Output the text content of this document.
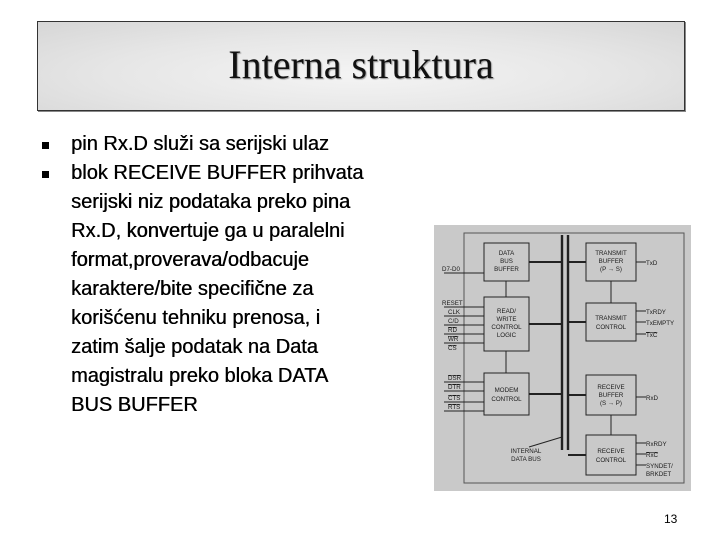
Interna struktura
pin Rx.D služi sa serijski ulaz
blok RECEIVE BUFFER prihvata serijski niz podataka preko pina Rx.D, konvertuje ga u paralelni format,proverava/odbacuje karaktere/bite specifične za korišćenu tehniku prenosa, i zatim šalje podatak na Data magistralu preko bloka DATA BUS BUFFER
DATA
BUS
BUFFER
READ/
WRITE
CONTROL
LOGIC
MODEM
CONTROL
TRANSMIT
BUFFER
(P → S)
TRANSMIT
CONTROL
RECEIVE
BUFFER
(S → P)
RECEIVE
CONTROL
INTERNAL
DATA BUS
D7-D0
RESET
CLK
C/D
RD
WR
CS
DSR
DTR
CTS
RTS
TxD
TxRDY
TxEMPTY
TxC
RxD
RxRDY
RxC
SYNDET/
BRKDET
13
